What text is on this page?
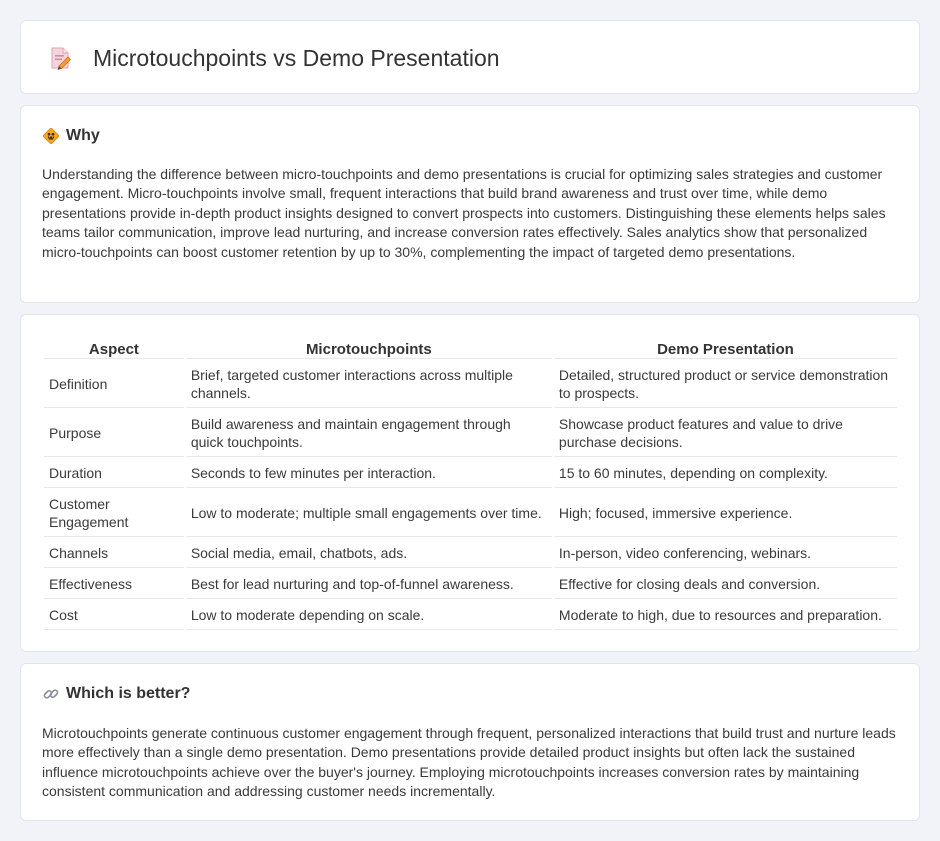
Microtouchpoints vs Demo Presentation
Why

Understanding the difference between micro-touchpoints and demo presentations is crucial for optimizing sales strategies and customer engagement. Micro-touchpoints involve small, frequent interactions that build brand awareness and trust over time, while demo presentations provide in-depth product insights designed to convert prospects into customers. Distinguishing these elements helps sales teams tailor communication, improve lead nurturing, and increase conversion rates effectively. Sales analytics show that personalized micro-touchpoints can boost customer retention by up to 30%, complementing the impact of targeted demo presentations.

Aspect	Microtouchpoints	Demo Presentation
Definition	Brief, targeted customer interactions across multiple channels.	Detailed, structured product or service demonstration to prospects.
Purpose	Build awareness and maintain engagement through quick touchpoints.	Showcase product features and value to drive purchase decisions.
Duration	Seconds to few minutes per interaction.	15 to 60 minutes, depending on complexity.
Customer Engagement	Low to moderate; multiple small engagements over time.	High; focused, immersive experience.
Channels	Social media, email, chatbots, ads.	In-person, video conferencing, webinars.
Effectiveness	Best for lead nurturing and top-of-funnel awareness.	Effective for closing deals and conversion.
Cost	Low to moderate depending on scale.	Moderate to high, due to resources and preparation.
Which is better?

Microtouchpoints generate continuous customer engagement through frequent, personalized interactions that build trust and nurture leads more effectively than a single demo presentation. Demo presentations provide detailed product insights but often lack the sustained influence microtouchpoints achieve over the buyer's journey. Employing microtouchpoints increases conversion rates by maintaining consistent communication and addressing customer needs incrementally.
